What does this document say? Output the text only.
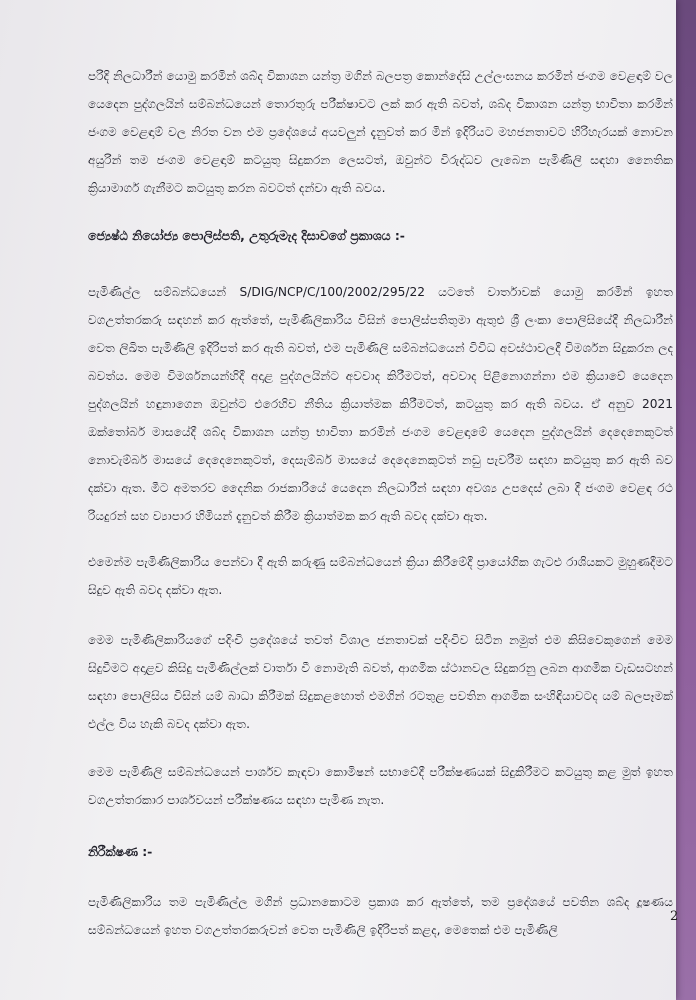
පරිදි නිලධාරීන් යොමු කරමින් ශබ්ද විකාශන යන්ත්‍ර මගින් බලපත්‍ර කොන්දේසි උල්ලංඝනය කරමින් ජංගම වෙළඳාම් වල යෙදෙන පුද්ගලයින් සම්බන්ධයෙන් තොරතුරු පරීක්ෂාවට ලක් කර ඇති බවත්, ශබ්ද විකාශන යන්ත්‍ර භාවිතා කරමින් ජංගම වෙළඳාම් වල නිරත වන එම ප්‍රදේශයේ අයවලුන් දැනුවත් කර මින් ඉදිරියට මහජනතාවට හිරිහැරයක් නොවන අයුරින් තම ජංගම වෙළඳාම් කටයුතු සිදුකරන ලෙසටත්, ඔවුන්ට විරුද්ධව ලැබෙන පැමිණිලි සඳහා නෛතික ක්‍රියාමාර්ග ගැනීමට කටයුතු කරන බවටත් දන්වා ඇති බවය.

ජ්‍යෙෂ්ඨ නියෝජ්‍ය පොලිස්පති, උතුරුමැද දිසාවගේ ප්‍රකාශය :-

පැමිණිල්ල සම්බන්ධයෙන් S/DIG/NCP/C/100/2002/295/22 යටතේ වාර්තාවක් යොමු කරමින් ඉහත වගඋත්තරකරු සඳහන් කර ඇත්තේ, පැමිණිලිකාරිය විසින් පොලිස්පතිතුමා ඇතුළු ශ්‍රී ලංකා පොලිසියේදී නිලධාරීන් වෙත ලිඛිත පැමිණිලි ඉදිරිපත් කර ඇති බවත්, එම පැමිණිලි සම්බන්ධයෙන් විවිධ අවස්ථාවලදී විමර්ශන සිදුකරන ලද බවත්ය. මෙම විමර්ශනයන්හිදී අදාළ පුද්ගලයින්ට අවවාද කිරීමටත්, අවවාද පිළිනොගන්නා එම ක්‍රියාවේ යෙදෙන පුද්ගලයින් හඳුනාගෙන ඔවුන්ට එරෙහිව නීතිය ක්‍රියාත්මක කිරීමටත්, කටයුතු කර ඇති බවය. ඒ අනුව 2021 ඔක්තෝබර් මාසයේදී ශබ්ද විකාශන යන්ත්‍ර භාවිතා කරමින් ජංගම වෙළඳාමේ යෙදෙන පුද්ගලයින් දෙදෙනෙකුටත් නොවැම්බර් මාසයේ දෙදෙනෙකුටත්, දෙසැම්බර් මාසයේ දෙදෙනෙකුටත් නඩු පැවරීම සඳහා කටයුතු කර ඇති බව දක්වා ඇත. මීට අමතරව දෛනික රාජකාරියේ යෙදෙන නිලධාරීන් සඳහා අවශ්‍ය උපදෙස් ලබා දී ජංගම වෙළඳ රථ රියදුරන් සහ ව්‍යාපාර හිමියන් දැනුවත් කිරීම ක්‍රියාත්මක කර ඇති බවද දක්වා ඇත.

එමෙන්ම පැමිණිලිකාරිය පෙන්වා දී ඇති කරුණු සම්බන්ධයෙන් ක්‍රියා කිරීමේදී ප්‍රායෝගික ගැටළු රාශියකට මුහුණදීමට සිදුව ඇති බවද දක්වා ඇත.

මෙම පැමිණිලිකාරියගේ පදිංචි ප්‍රදේශයේ තවත් විශාල ජනතාවක් පදිංචිව සිටින නමුත් එම කිසිවෙකුගෙන් මෙම සිදුවීමට අදාළව කිසිදු පැමිණිල්ලක් වාර්තා වී නොමැති බවත්, ආගමික ස්ථානවල සිදුකරනු ලබන ආගමික වැඩසටහන් සඳහා පොලිසිය විසින් යම් බාධා කිරීමක් සිදුකළහොත් එමගින් රටතුළ පවතින ආගමික සංහිඳියාවටද යම් බලපෑමක් එල්ල විය හැකි බවද දක්වා ඇත.

මෙම පැමිණිලි සම්බන්ධයෙන් පාර්ශව කැඳවා කොමිෂන් සභාවේදී පරීක්ෂණයක් සිදුකිරීමට කටයුතු කළ මුත් ඉහත වගඋත්තරකාර පාර්ශවයන් පරීක්ෂණය සඳහා පැමිණ නැත.

නිරීක්ෂණ :-

පැමිණිලිකාරිය තම පැමිණිල්ල මගින් ප්‍රධානකොටම ප්‍රකාශ කර ඇත්තේ, තම ප්‍රදේශයේ පවතින ශබ්ද දූෂණය සම්බන්ධයෙන් ඉහත වගඋත්තරකරුවන් වෙත පැමිණිලි ඉදිරිපත් කළද, මෙතෙක් එම පැමිණිලි

2
